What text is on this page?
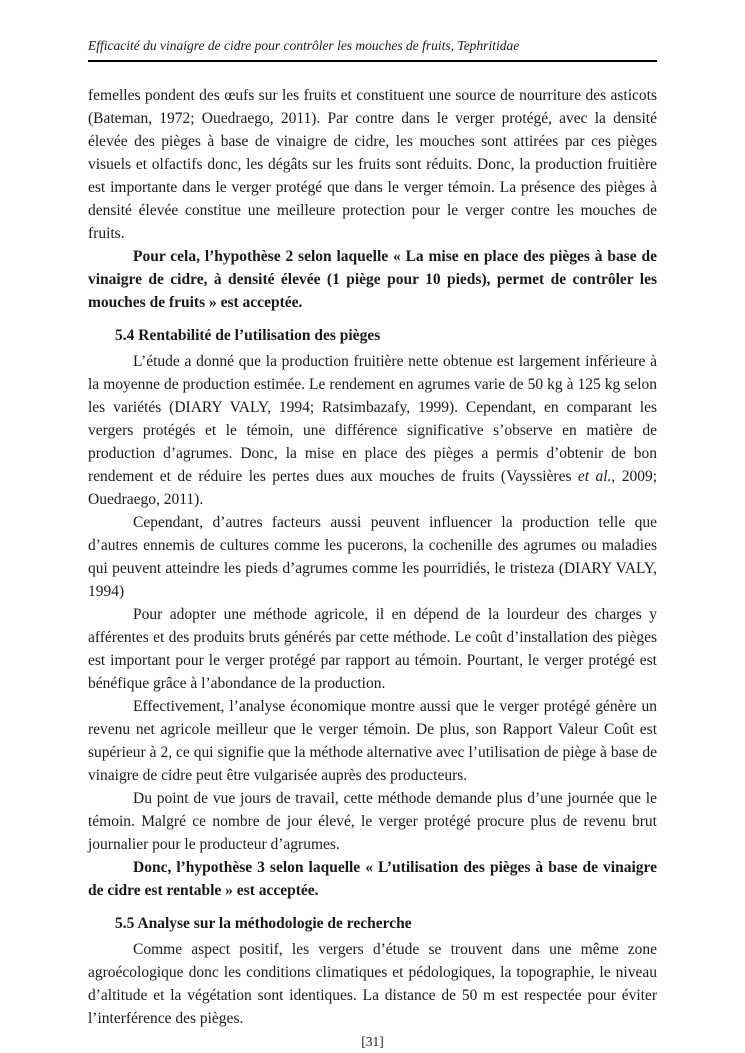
Efficacité du vinaigre de cidre pour contrôler les mouches de fruits, Tephritidae

femelles pondent des œufs sur les fruits et constituent une source de nourriture des asticots (Bateman, 1972; Ouedraego, 2011). Par contre dans le verger protégé, avec la densité élevée des pièges à base de vinaigre de cidre, les mouches sont attirées par ces pièges visuels et olfactifs donc, les dégâts sur les fruits sont réduits. Donc, la production fruitière est importante dans le verger protégé que dans le verger témoin. La présence des pièges à densité élevée constitue une meilleure protection pour le verger contre les mouches de fruits.

Pour cela, l’hypothèse 2 selon laquelle « La mise en place des pièges à base de vinaigre de cidre, à densité élevée (1 piège pour 10 pieds), permet de contrôler les mouches de fruits » est acceptée.

5.4 Rentabilité de l’utilisation des pièges

L’étude a donné que la production fruitière nette obtenue est largement inférieure à la moyenne de production estimée. Le rendement en agrumes varie de 50 kg à 125 kg selon les variétés (DIARY VALY, 1994; Ratsimbazafy, 1999). Cependant, en comparant les vergers protégés et le témoin, une différence significative s’observe en matière de production d’agrumes. Donc, la mise en place des pièges a permis d’obtenir de bon rendement et de réduire les pertes dues aux mouches de fruits (Vayssières et al., 2009; Ouedraego, 2011).

Cependant, d’autres facteurs aussi peuvent influencer la production telle que d’autres ennemis de cultures comme les pucerons, la cochenille des agrumes ou maladies qui peuvent atteindre les pieds d’agrumes comme les pourridiés, le tristeza (DIARY VALY, 1994)

Pour adopter une méthode agricole, il en dépend de la lourdeur des charges y afférentes et des produits bruts générés par cette méthode. Le coût d’installation des pièges est important pour le verger protégé par rapport au témoin. Pourtant, le verger protégé est bénéfique grâce à l’abondance de la production.

Effectivement, l’analyse économique montre aussi que le verger protégé génère un revenu net agricole meilleur que le verger témoin. De plus, son Rapport Valeur Coût est supérieur à 2, ce qui signifie que la méthode alternative avec l’utilisation de piège à base de vinaigre de cidre peut être vulgarisée auprès des producteurs.

Du point de vue jours de travail, cette méthode demande plus d’une journée que le témoin. Malgré ce nombre de jour élevé, le verger protégé procure plus de revenu brut journalier pour le producteur d’agrumes.

Donc, l’hypothèse 3 selon laquelle « L’utilisation des pièges à base de vinaigre de cidre est rentable » est acceptée.

5.5 Analyse sur la méthodologie de recherche

Comme aspect positif, les vergers d’étude se trouvent dans une même zone agroécologique donc les conditions climatiques et pédologiques, la topographie, le niveau d’altitude et la végétation sont identiques. La distance de 50 m est respectée pour éviter l’interférence des pièges.

[31]
